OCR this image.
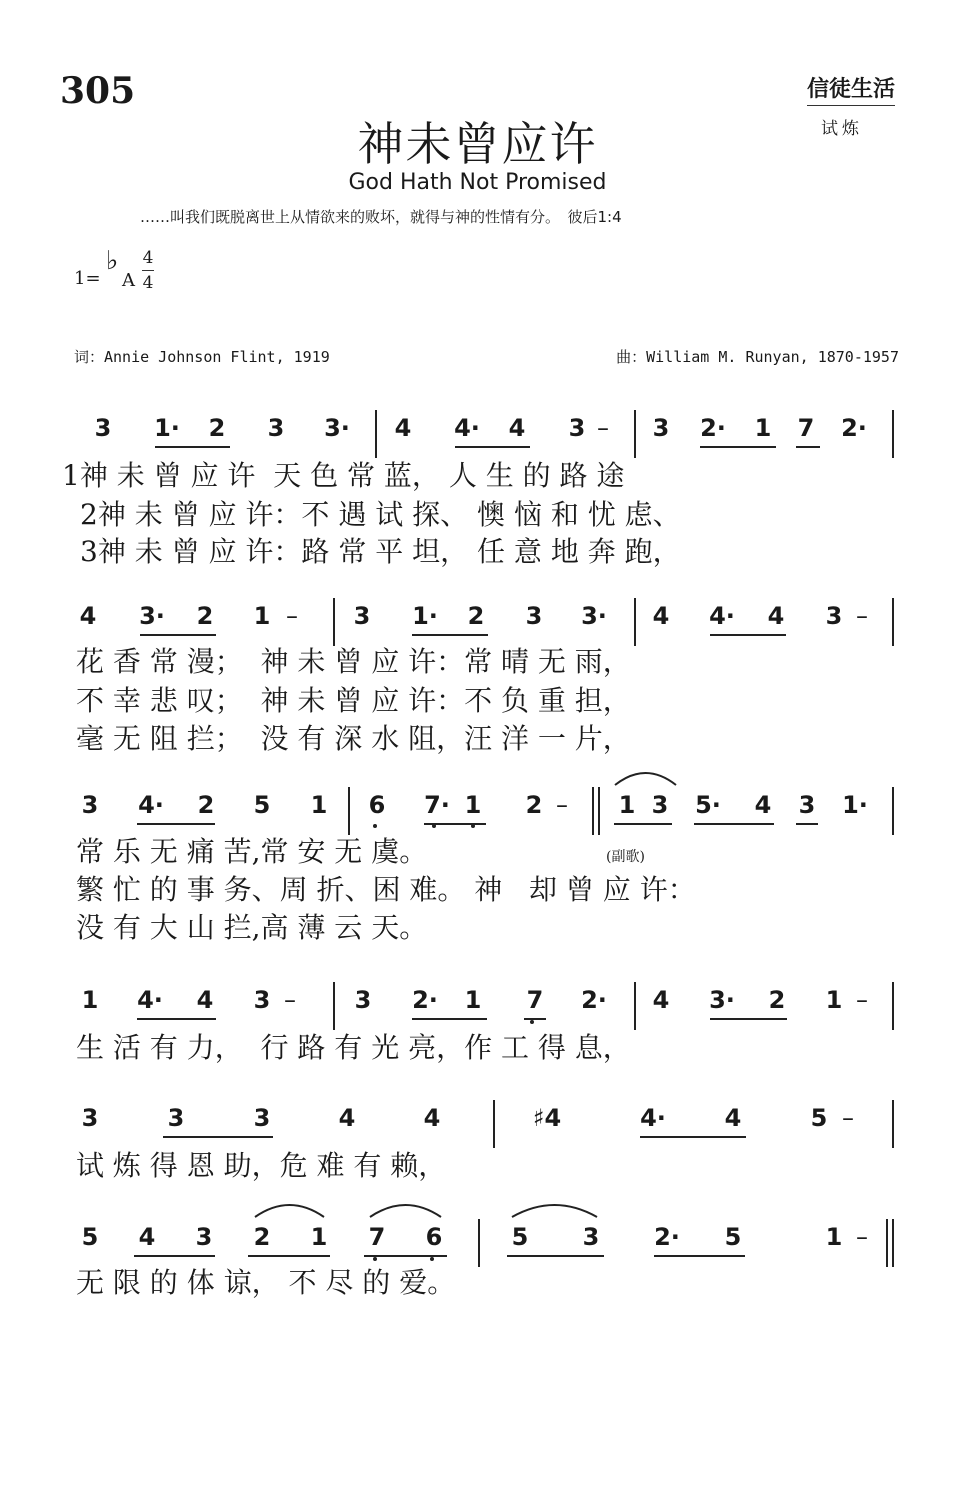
305	信徒生活
试炼
神未曾应许
God Hath Not Promised
……叫我们既脱离世上从情欲来的败坏，就得与神的性情有分。　彼后1:4
1=
♭
A
4
4
词：Annie Johnson Flint, 1919	曲：William M. Runyan, 1870-1957
3 1· 2 3 3· 4 4· 4 3 – 3 2· 1 7 2·
1神 未 曾 应 许  天 色 常 蓝， 人 生 的 路 途
2神 未 曾 应 许：不 遇 试 探、 懊 恼 和 忧 虑、
3神 未 曾 应 许：路 常 平 坦， 任 意 地 奔 跑，
4 3· 2 1 – 3 1· 2 3 3· 4 4· 4 3 –
花 香 常 漫；  神 未 曾 应 许：常 晴 无 雨，
不 幸 悲 叹；  神 未 曾 应 许：不 负 重 担，
毫 无 阻 拦；  没 有 深 水 阻，汪 洋 一 片，
3 4· 2 5 1 6 7· 1 2 – 1 3 5· 4 3 1·
常 乐 无 痛 苦,常 安 无 虞。
繁 忙 的 事 务、周 折、困 难。 神   却 曾 应 许：
没 有 大 山 拦,高 薄 云 天。
(副歌)
1 4· 4 3 – 3 2· 1 7 2· 4 3· 2 1 –
生 活 有 力，  行 路 有 光 亮，作 工 得 息，
3	3	3	4	4	♯4	4· 4	5 –
试 炼 得 恩 助，危 难 有 赖，
5 4 3 2 1 7 6	5 3 2· 5	1 –
无 限 的 体 谅， 不 尽 的 爱。
